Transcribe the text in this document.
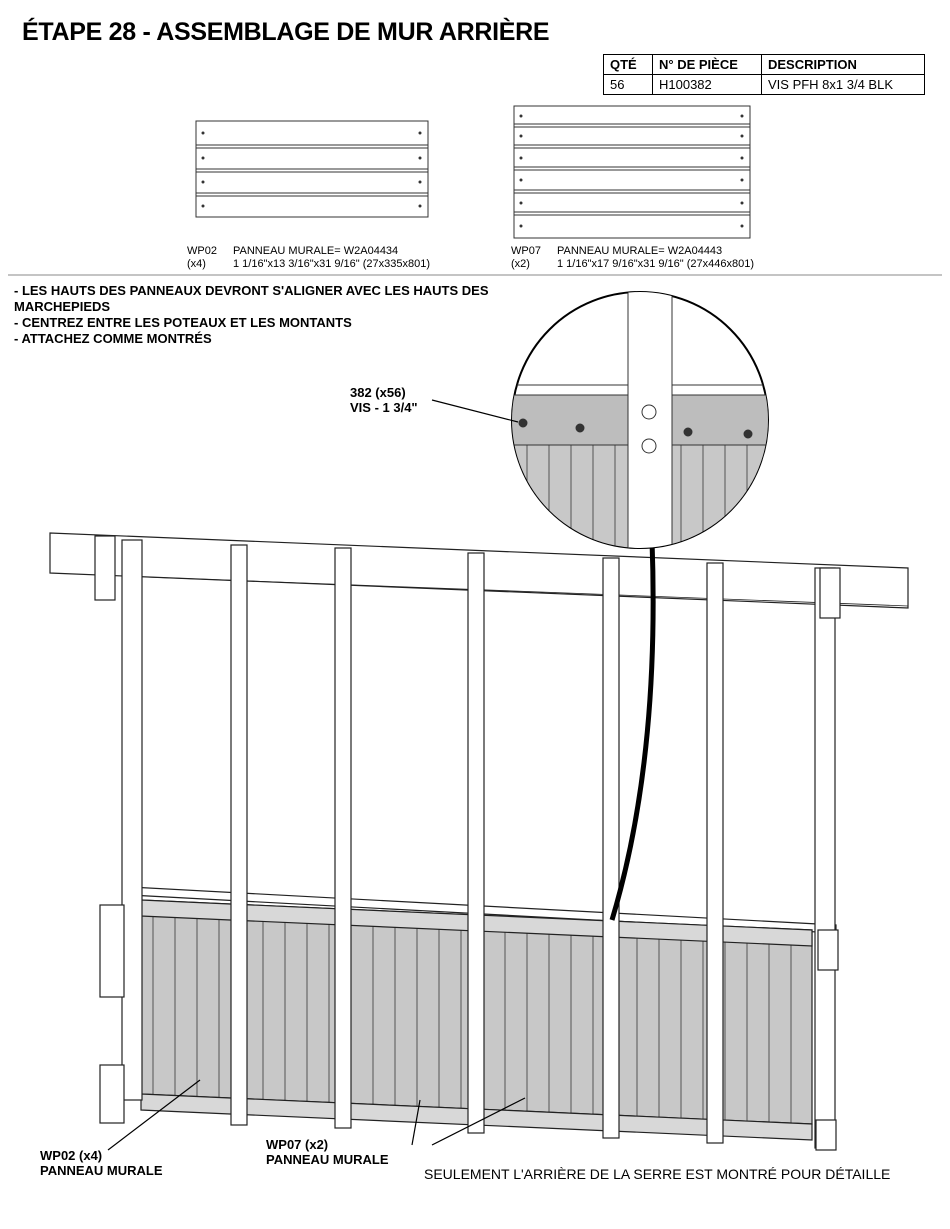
ÉTAPE 28 - ASSEMBLAGE DE MUR ARRIÈRE
QTÉ	N° DE PIÈCE	DESCRIPTION
56	H100382	VIS PFH 8x1 3/4 BLK
WP02 PANNEAU MURALE= W2A04434
(x4) 1 1/16"x13 3/16"x31 9/16" (27x335x801)
WP07 PANNEAU MURALE= W2A04443
(x2) 1 1/16"x17 9/16"x31 9/16" (27x446x801)
- LES HAUTS DES PANNEAUX DEVRONT S'ALIGNER AVEC LES HAUTS DES
MARCHEPIEDS
- CENTREZ ENTRE LES POTEAUX ET LES MONTANTS
- ATTACHEZ COMME MONTRÉS
382 (x56)
VIS - 1 3/4"
WP02 (x4)
PANNEAU MURALE
WP07 (x2)
PANNEAU MURALE
SEULEMENT L'ARRIÈRE DE LA SERRE EST MONTRÉ POUR DÉTAILLE
